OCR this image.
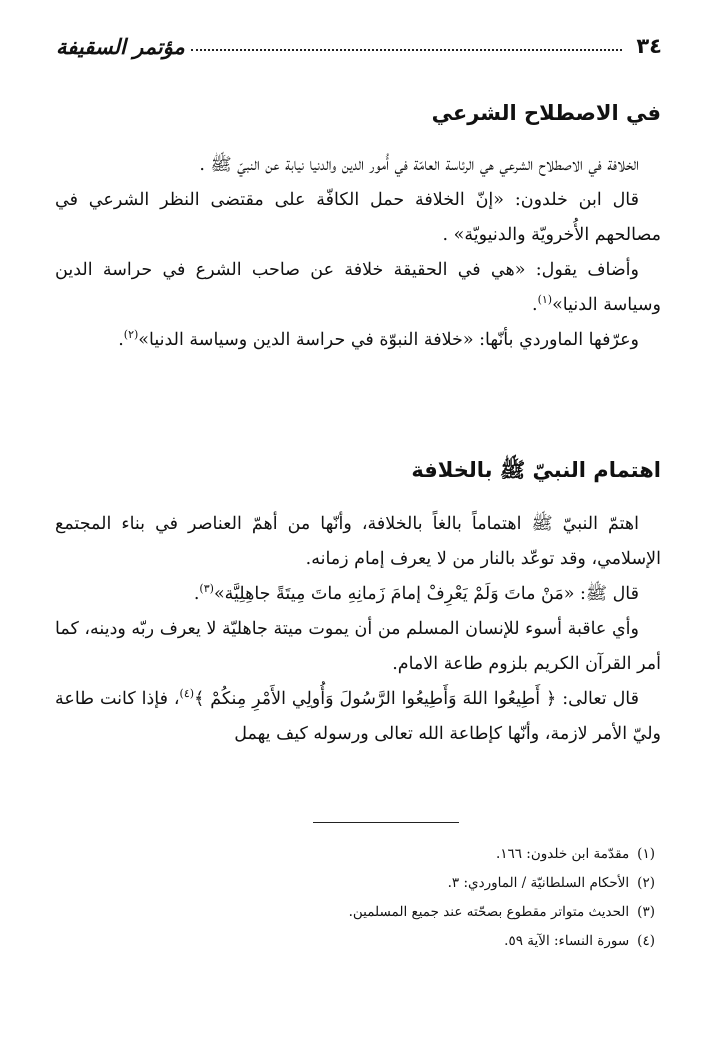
٣٤
مؤتمر السقيفة
في الاصطلاح الشرعي

الخلافة في الاصطلاح الشرعي هي الرئاسة العامّة في أُمور الدين والدنيا نيابة عن النبيّ ﷺ .

قال ابن خلدون: «إنّ الخلافة حمل الكافّة على مقتضى النظر الشرعي في مصالحهم الأُخرويّة والدنيويّة» .

وأضاف يقول: «هي في الحقيقة خلافة عن صاحب الشرع في حراسة الدين وسياسة الدنيا»$^{(١)}$.

وعرّفها الماوردي بأنّها: «خلافة النبوّة في حراسة الدين وسياسة الدنيا»$^{(٢)}$.

اهتمام النبيّ ﷺ بالخلافة

اهتمّ النبيّ ﷺ اهتماماً بالغاً بالخلافة، وأنّها من أهمّ العناصر في بناء المجتمع الإسلامي، وقد توعّد بالنار من لا يعرف إمام زمانه.

قال ﷺ: «مَنْ ماتَ وَلَمْ يَعْرِفْ إمامَ زَمانِهِ ماتَ مِيتَةً جاهِلِيَّة»$^{(٣)}$.

وأي عاقبة أسوء للإنسان المسلم من أن يموت ميتة جاهليّة لا يعرف ربّه ودينه، كما أمر القرآن الكريم بلزوم طاعة الامام.

قال تعالى: ﴿ أَطِيعُوا اللهَ وَأَطِيعُوا الرَّسُولَ وَأُولِي الأَمْرِ مِنكُمْ ﴾$^{(٤)}$، فإذا كانت طاعة وليّ الأمر لازمة، وأنّها كإطاعة الله تعالى ورسوله كيف يهمل

(١)مقدّمة ابن خلدون: ١٦٦.
(٢)الأحكام السلطانيّة / الماوردي: ٣.
(٣)الحديث متواتر مقطوع بصحّته عند جميع المسلمين.
(٤)سورة النساء: الآية ٥٩.
